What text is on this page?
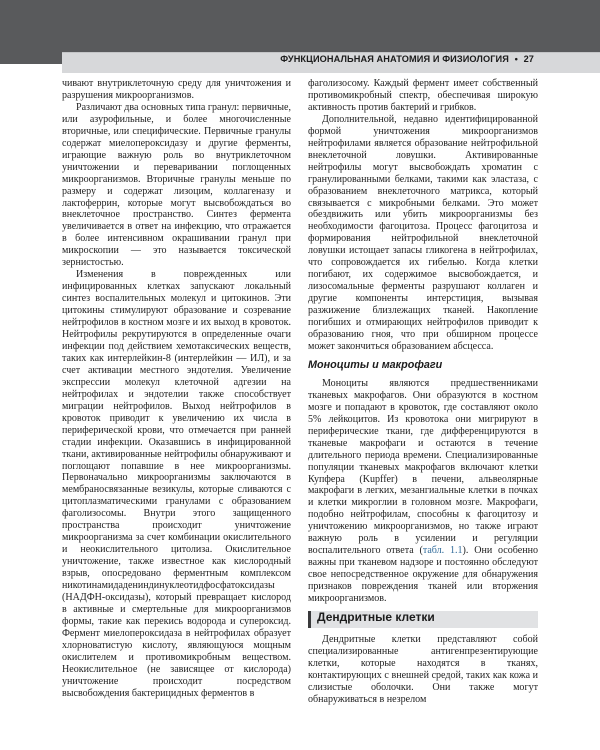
ФУНКЦИОНАЛЬНАЯ АНАТОМИЯ И ФИЗИОЛОГИЯ • 27

чивают внутриклеточную среду для уничтожения и разрушения микроорганизмов.

Различают два основных типа гранул: первичные, или азурофильные, и более многочисленные вторичные, или специфические. Первичные гранулы содержат миелопероксидазу и другие ферменты, играющие важную роль во внутриклеточном уничтожении и переваривании поглощенных микроорганизмов. Вторичные гранулы меньше по размеру и содержат лизоцим, коллагеназу и лактоферрин, которые могут высвобождаться во внеклеточное пространство. Синтез фермента увеличивается в ответ на инфекцию, что отражается в более интенсивном окрашивании гранул при микроскопии — это называется токсической зернистостью.

Изменения в поврежденных или инфицированных клетках запускают локальный синтез воспалительных молекул и цитокинов. Эти цитокины стимулируют образование и созревание нейтрофилов в костном мозге и их выход в кровоток. Нейтрофилы рекрутируются в определенные очаги инфекции под действием хемотаксических веществ, таких как интерлейкин-8 (интерлейкин — ИЛ), и за счет активации местного эндотелия. Увеличение экспрессии молекул клеточной адгезии на нейтрофилах и эндотелии также способствует миграции нейтрофилов. Выход нейтрофилов в кровоток приводит к увеличению их числа в периферической крови, что отмечается при ранней стадии инфекции. Оказавшись в инфицированной ткани, активированные нейтрофилы обнаруживают и поглощают попавшие в нее микроорганизмы. Первоначально микроорганизмы заключаются в мембраносвязанные везикулы, которые сливаются с цитоплазматическими гранулами с образованием фаголизосомы. Внутри этого защищенного пространства происходит уничтожение микроорганизма за счет комбинации окислительного и неокислительного цитолиза. Окислительное уничтожение, также известное как кислородный взрыв, опосредовано ферментным комплексом никотинамидадениндинуклеотидфосфатоксидазы (НАДФН-оксидазы), который превращает кислород в активные и смертельные для микроорганизмов формы, такие как перекись водорода и супероксид. Фермент миелопероксидаза в нейтрофилах образует хлорноватистую кислоту, являющуюся мощным окислителем и противомикробным веществом. Неокислительное (не зависящее от кислорода) уничтожение происходит посредством высвобождения бактерицидных ферментов в

фаголизосому. Каждый фермент имеет собственный противомикробный спектр, обеспечивая широкую активность против бактерий и грибков.

Дополнительной, недавно идентифицированной формой уничтожения микроорганизмов нейтрофилами является образование нейтрофильной внеклеточной ловушки. Активированные нейтрофилы могут высвобождать хроматин с гранулированными белками, такими как эластаза, с образованием внеклеточного матрикса, который связывается с микробными белками. Это может обездвижить или убить микроорганизмы без необходимости фагоцитоза. Процесс фагоцитоза и формирования нейтрофильной внеклеточной ловушки истощает запасы гликогена в нейтрофилах, что сопровождается их гибелью. Когда клетки погибают, их содержимое высвобождается, и лизосомальные ферменты разрушают коллаген и другие компоненты интерстиция, вызывая разжижение близлежащих тканей. Накопление погибших и отмирающих нейтрофилов приводит к образованию гноя, что при обширном процессе может закончиться образованием абсцесса.

Моноциты и макрофаги

Моноциты являются предшественниками тканевых макрофагов. Они образуются в костном мозге и попадают в кровоток, где составляют около 5% лейкоцитов. Из кровотока они мигрируют в периферические ткани, где дифференцируются в тканевые макрофаги и остаются в течение длительного периода времени. Специализированные популяции тканевых макрофагов включают клетки Купфера (Kupffer) в печени, альвеолярные макрофаги в легких, мезангиальные клетки в почках и клетки микроглии в головном мозге. Макрофаги, подобно нейтрофилам, способны к фагоцитозу и уничтожению микроорганизмов, но также играют важную роль в усилении и регуляции воспалительного ответа (табл. 1.1). Они особенно важны при тканевом надзоре и постоянно обследуют свое непосредственное окружение для обнаружения признаков повреждения тканей или вторжения микроорганизмов.

Дендритные клетки

Дендритные клетки представляют собой специализированные антигенпрезентирующие клетки, которые находятся в тканях, контактирующих с внешней средой, таких как кожа и слизистые оболочки. Они также могут обнаруживаться в незрелом
